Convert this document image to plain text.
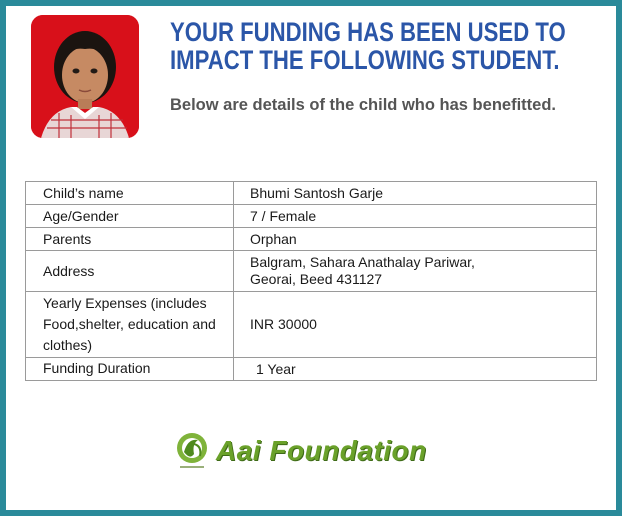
YOUR FUNDING HAS BEEN USED TO IMPACT THE FOLLOWING STUDENT.
Below are details of the child who has benefitted.
Child’s name	Bhumi Santosh Garje
Age/Gender	7 / Female
Parents	Orphan
Address	Balgram, Sahara Anathalay Pariwar,
Georai, Beed 431127

Yearly Expenses (includes Food,shelter, education and clothes)	INR 30000
Funding Duration	1 Year
Aai Foundation
